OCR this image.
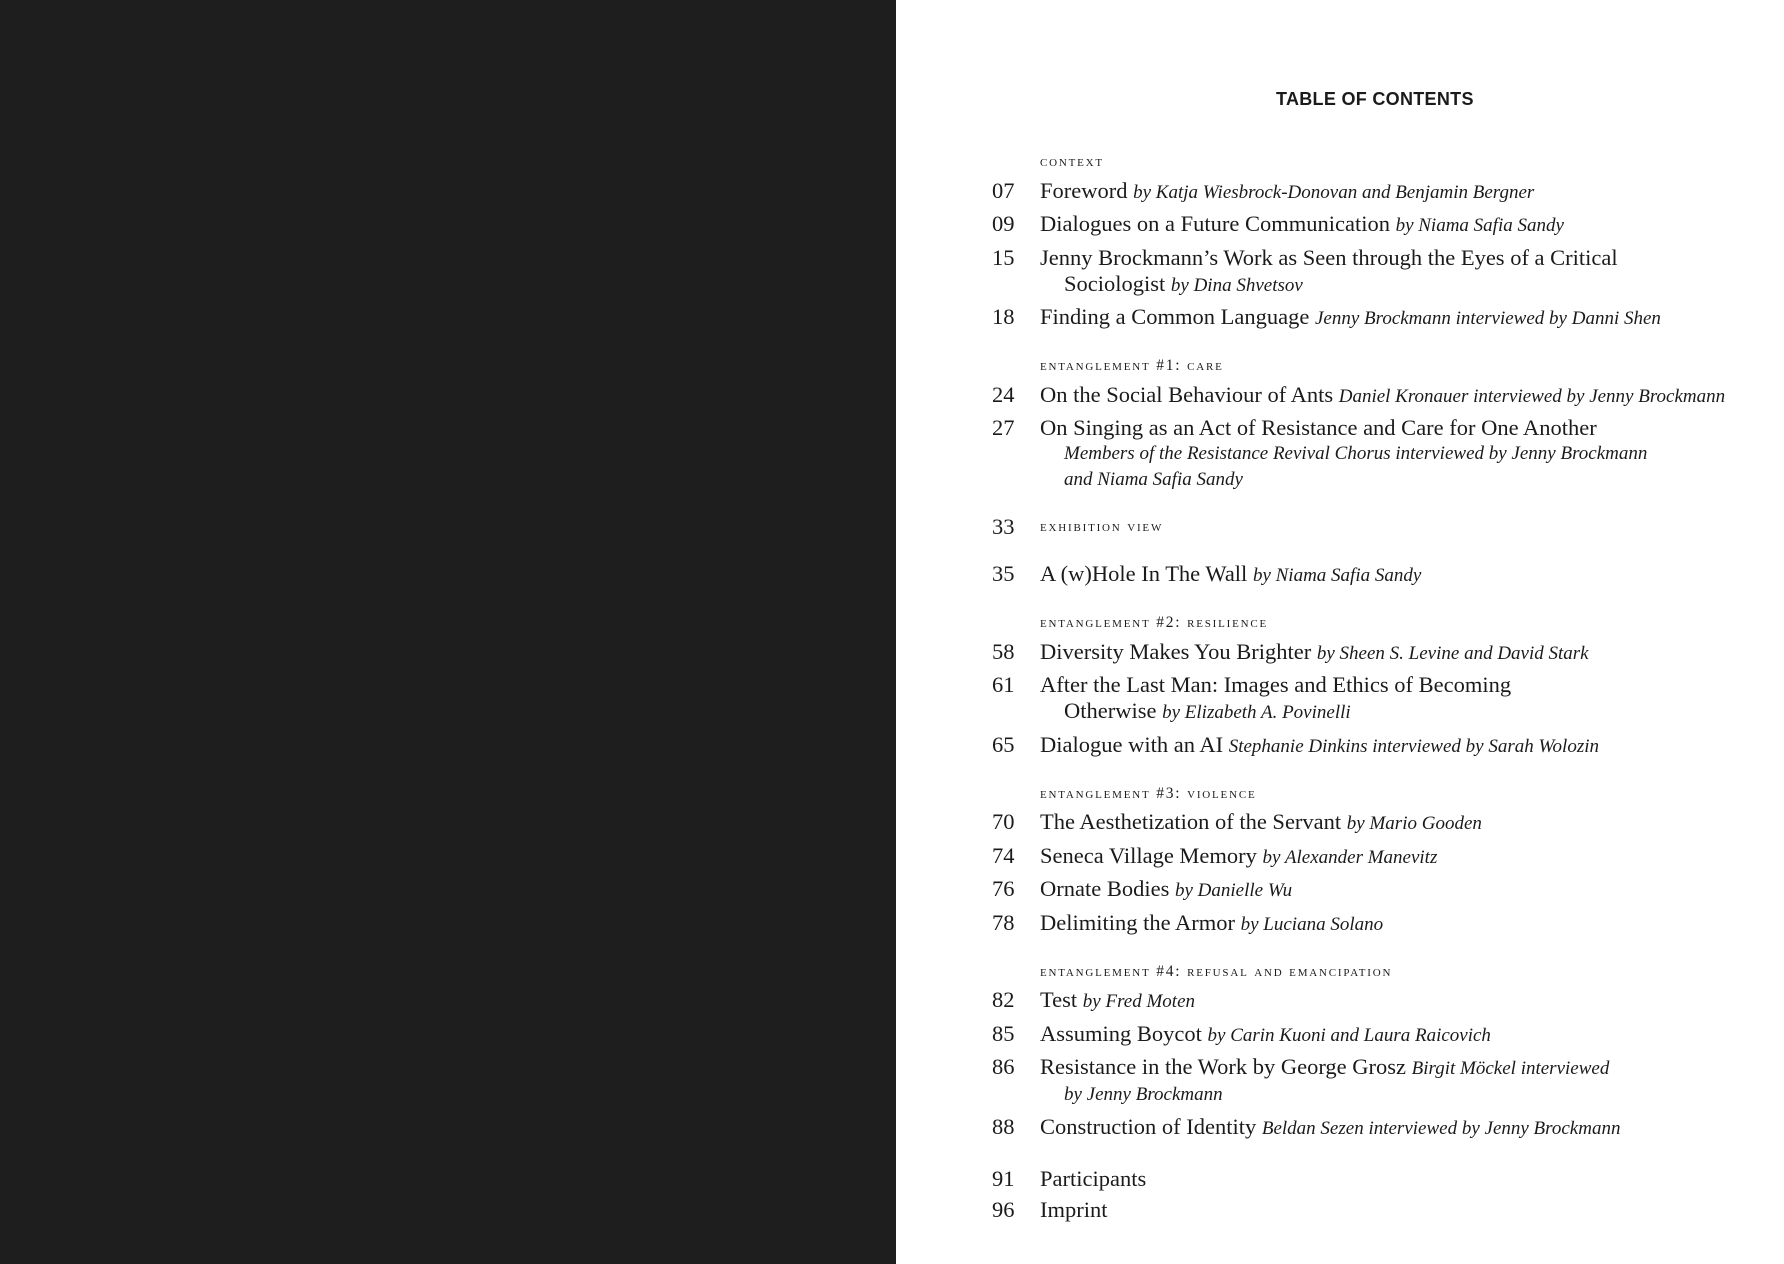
TABLE OF CONTENTS
context
07	Foreword by Katja Wiesbrock-Donovan and Benjamin Bergner
09	Dialogues on a Future Communication by Niama Safia Sandy
15	Jenny Brockmann’s Work as Seen through the Eyes of a Critical
Sociologist by Dina Shvetsov
18	Finding a Common Language Jenny Brockmann interviewed by Danni Shen
entanglement #1: care
24	On the Social Behaviour of Ants Daniel Kronauer interviewed by Jenny Brockmann
27	On Singing as an Act of Resistance and Care for One Another
Members of the Resistance Revival Chorus interviewed by Jenny Brockmann
and Niama Safia Sandy
33	exhibition view
35	A (w)Hole In The Wall by Niama Safia Sandy
entanglement #2: resilience
58	Diversity Makes You Brighter by Sheen S. Levine and David Stark
61	After the Last Man: Images and Ethics of Becoming
Otherwise by Elizabeth A. Povinelli
65	Dialogue with an AI Stephanie Dinkins interviewed by Sarah Wolozin
entanglement #3: violence
70	The Aesthetization of the Servant by Mario Gooden
74	Seneca Village Memory by Alexander Manevitz
76	Ornate Bodies by Danielle Wu
78	Delimiting the Armor by Luciana Solano
entanglement #4: refusal and emancipation
82	Test by Fred Moten
85	Assuming Boycot by Carin Kuoni and Laura Raicovich
86	Resistance in the Work by George Grosz Birgit Möckel interviewed
by Jenny Brockmann
88	Construction of Identity Beldan Sezen interviewed by Jenny Brockmann
91	Participants
96	Imprint
